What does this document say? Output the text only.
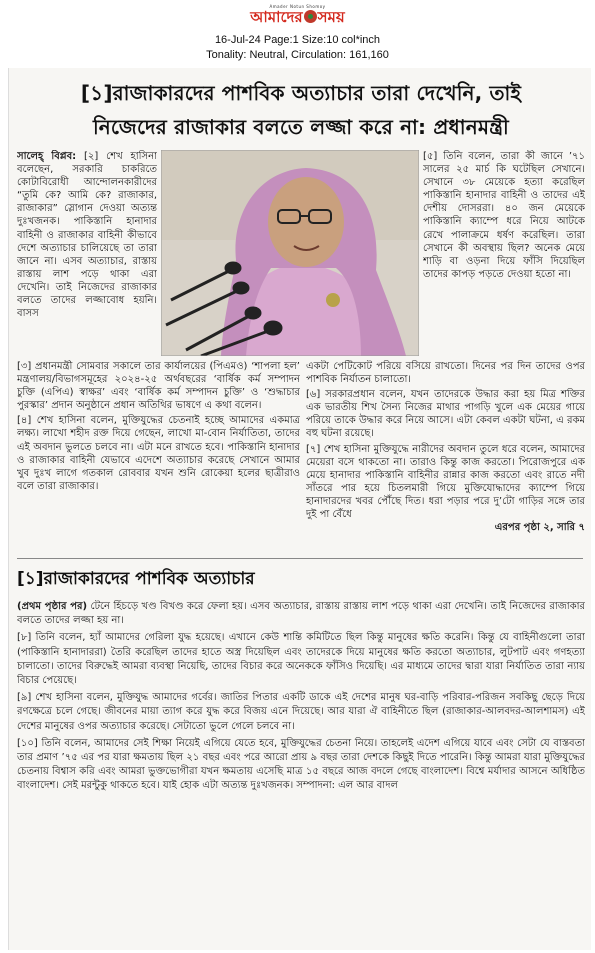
Amader Notun Shomoy
আমাদের সময়
16-Jul-24 Page:1 Size:10 col*inch
Tonality: Neutral, Circulation: 161,160
[১]রাজাকারদের পাশবিক অত্যাচার তারা দেখেনি, তাই
নিজেদের রাজাকার বলতে লজ্জা করে না: প্রধানমন্ত্রী
সালেহ্‌ বিপ্লব: [২] শেখ হাসিনা বলেছেন, সরকারি চাকরিতে কোটাবিরোধী আন্দোলনকারীদের “তুমি কে? আমি কে? রাজাকার, রাজাকার” স্লোগান দেওয়া অত্যন্ত দুঃখজনক। পাকিস্তানি হানাদার বাহিনী ও রাজাকার বাহিনী কীভাবে দেশে অত্যাচার চালিয়েছে তা তারা জানে না। এসব অত্যাচার, রাস্তায় রাস্তায় লাশ পড়ে থাকা এরা দেখেনি। তাই নিজেদের রাজাকার বলতে তাদের লজ্জাবোধ হয়নি। বাসস
[৫] তিনি বলেন, তারা কী জানে ’৭১ সালের ২৫ মার্চ কি ঘটেছিল সেখানে। সেখানে ৩৮ মেয়েকে হত্যা করেছিল পাকিস্তানি হানাদার বাহিনী ও তাদের এই দেশীয় দোসররা। ৪০ জন মেয়েকে পাকিস্তানি ক্যাম্পে ধরে নিয়ে আটকে রেখে পালাক্রমে ধর্ষণ করেছিল। তারা সেখানে কী অবস্থায় ছিল? অনেক মেয়ে শাড়ি বা ওড়না দিয়ে ফাঁসি দিয়েছিল তাদের কাপড় পড়তে দেওয়া হতো না।
[৩] প্রধানমন্ত্রী সোমবার সকালে তার কার্যালয়ের (পিএমও) ‘শাপলা হল’ মন্ত্রণালয়/বিভাগসমূহের ২০২৪-২৫ অর্থবছরের ‘বার্ষিক কর্ম সম্পাদন চুক্তি (এপিএ) স্বাক্ষর’ এবং ‘বার্ষিক কর্ম সম্পাদন চুক্তি’ ও ‘শুদ্ধাচার পুরস্কার’ প্রদান অনুষ্ঠানে প্রধান অতিথির ভাষণে এ কথা বলেন।
[৪] শেখ হাসিনা বলেন, মুক্তিযুদ্ধের চেতনাই হচ্ছে আমাদের একমাত্র লক্ষ্য। লাখো শহীদ রক্ত দিয়ে গেছেন, লাখো মা-বোন নির্যাতিতা, তাদের এই অবদান ভুলতে চলবে না। এটা মনে রাখতে হবে। পাকিস্তানি হানাদার ও রাজাকার বাহিনী যেভাবে এদেশে অত্যাচার করেছে সেখানে আমার খুব দুঃখ লাগে গতকাল রোববার যখন শুনি রোকেয়া হলের ছাত্রীরাও বলে তারা রাজাকার।
একটা পেটিকোট পরিয়ে বসিয়ে রাখতো। দিনের পর দিন তাদের ওপর পাশবিক নির্যাতন চালাতো।
[৬] সরকারপ্রধান বলেন, যখন তাদেরকে উদ্ধার করা হয় মিত্র শক্তির এক ভারতীয় শিখ সৈন্য নিজের মাথার পাগড়ি খুলে এক মেয়ের গায়ে পরিয়ে তাকে উদ্ধার করে নিয়ে আসে। এটা কেবল একটা ঘটনা, এ রকম বহু ঘটনা রয়েছে।
[৭] শেখ হাসিনা মুক্তিযুদ্ধে নারীদের অবদান তুলে ধরে বলেন, আমাদের মেয়েরা বসে থাকতো না। তারাও কিন্তু কাজ করতো। পিরোজপুরে এক মেয়ে হানাদার পাকিস্তানি বাহিনীর রান্নার কাজ করতো এবং রাতে নদী সাঁতরে পার হয়ে চিতলমারী গিয়ে মুক্তিযোদ্ধাদের ক্যাম্পে গিয়ে হানাদারদের খবর পৌঁছে দিত। ধরা পড়ার পরে দু’টো গাড়ির সঙ্গে তার দুই পা বেঁধে
এরপর পৃষ্ঠা ২, সারি ৭
[১]রাজাকারদের পাশবিক অত্যাচার
(প্রথম পৃষ্ঠার পর) টেনে হিঁচড়ে খণ্ড বিখণ্ড করে ফেলা হয়। এসব অত্যাচার, রাস্তায় রাস্তায় লাশ পড়ে থাকা এরা দেখেনি। তাই নিজেদের রাজাকার বলতে তাদের লজ্জা হয় না।
[৮] তিনি বলেন, হ্যাঁ আমাদের গেরিলা যুদ্ধ হয়েছে। এখানে কেউ শান্তি কমিটিতে ছিল কিন্তু মানুষের ক্ষতি করেনি। কিন্তু যে বাহিনীগুলো তারা (পাকিস্তানি হানাদাররা) তৈরি করেছিল তাদের হাতে অস্ত্র দিয়েছিল এবং তাদেরকে দিয়ে মানুষের ক্ষতি করতো অত্যাচার, লুটপাট এবং গণহত্যা চালাতো। তাদের বিরুদ্ধেই আমরা ব্যবস্থা নিয়েছি, তাদের বিচার করে অনেককে ফাঁসিও দিয়েছি। এর মাধ্যমে তাদের দ্বারা যারা নির্যাতিত তারা ন্যায় বিচার পেয়েছে।
[৯] শেখ হাসিনা বলেন, মুক্তিযুদ্ধ আমাদের গর্বের। জাতির পিতার একটি ডাকে এই দেশের মানুষ ঘর-বাড়ি পরিবার-পরিজন সবকিছু ছেড়ে দিয়ে রণক্ষেত্রে চলে গেছে। জীবনের মায়া ত্যাগ করে যুদ্ধ করে বিজয় এনে দিয়েছে। আর যারা ঐ বাহিনীতে ছিল (রাজাকার-আলবদর-আলশামস) এই দেশের মানুষের ওপর অত্যাচার করেছে। সেটাতো ভুলে গেলে চলবে না।
[১০] তিনি বলেন, আমাদের সেই শিক্ষা নিয়েই এগিয়ে যেতে হবে, মুক্তিযুদ্ধের চেতনা নিয়ে। তাহলেই এদেশ এগিয়ে যাবে এবং সেটা যে বাস্তবতা তার প্রমাণ ’৭৫ এর পর যারা ক্ষমতায় ছিল ২১ বছর এবং পরে আরো প্রায় ৯ বছর তারা দেশকে কিছুই দিতে পারেনি। কিন্তু আমরা যারা মুক্তিযুদ্ধের চেতনায় বিশ্বাস করি এবং আমরা ভুক্তভোগীরা যখন ক্ষমতায় এসেছি মাত্র ১৫ বছরে আজ বদলে গেছে বাংলাদেশ। বিশ্বে মর্যাদার আসনে অধিষ্ঠিত বাংলাদেশ। সেই মরন্টুকু থাকতে হবে। যাই হোক এটা অত্যন্ত দুঃখজনক। সম্পাদনা: এল আর বাদল
